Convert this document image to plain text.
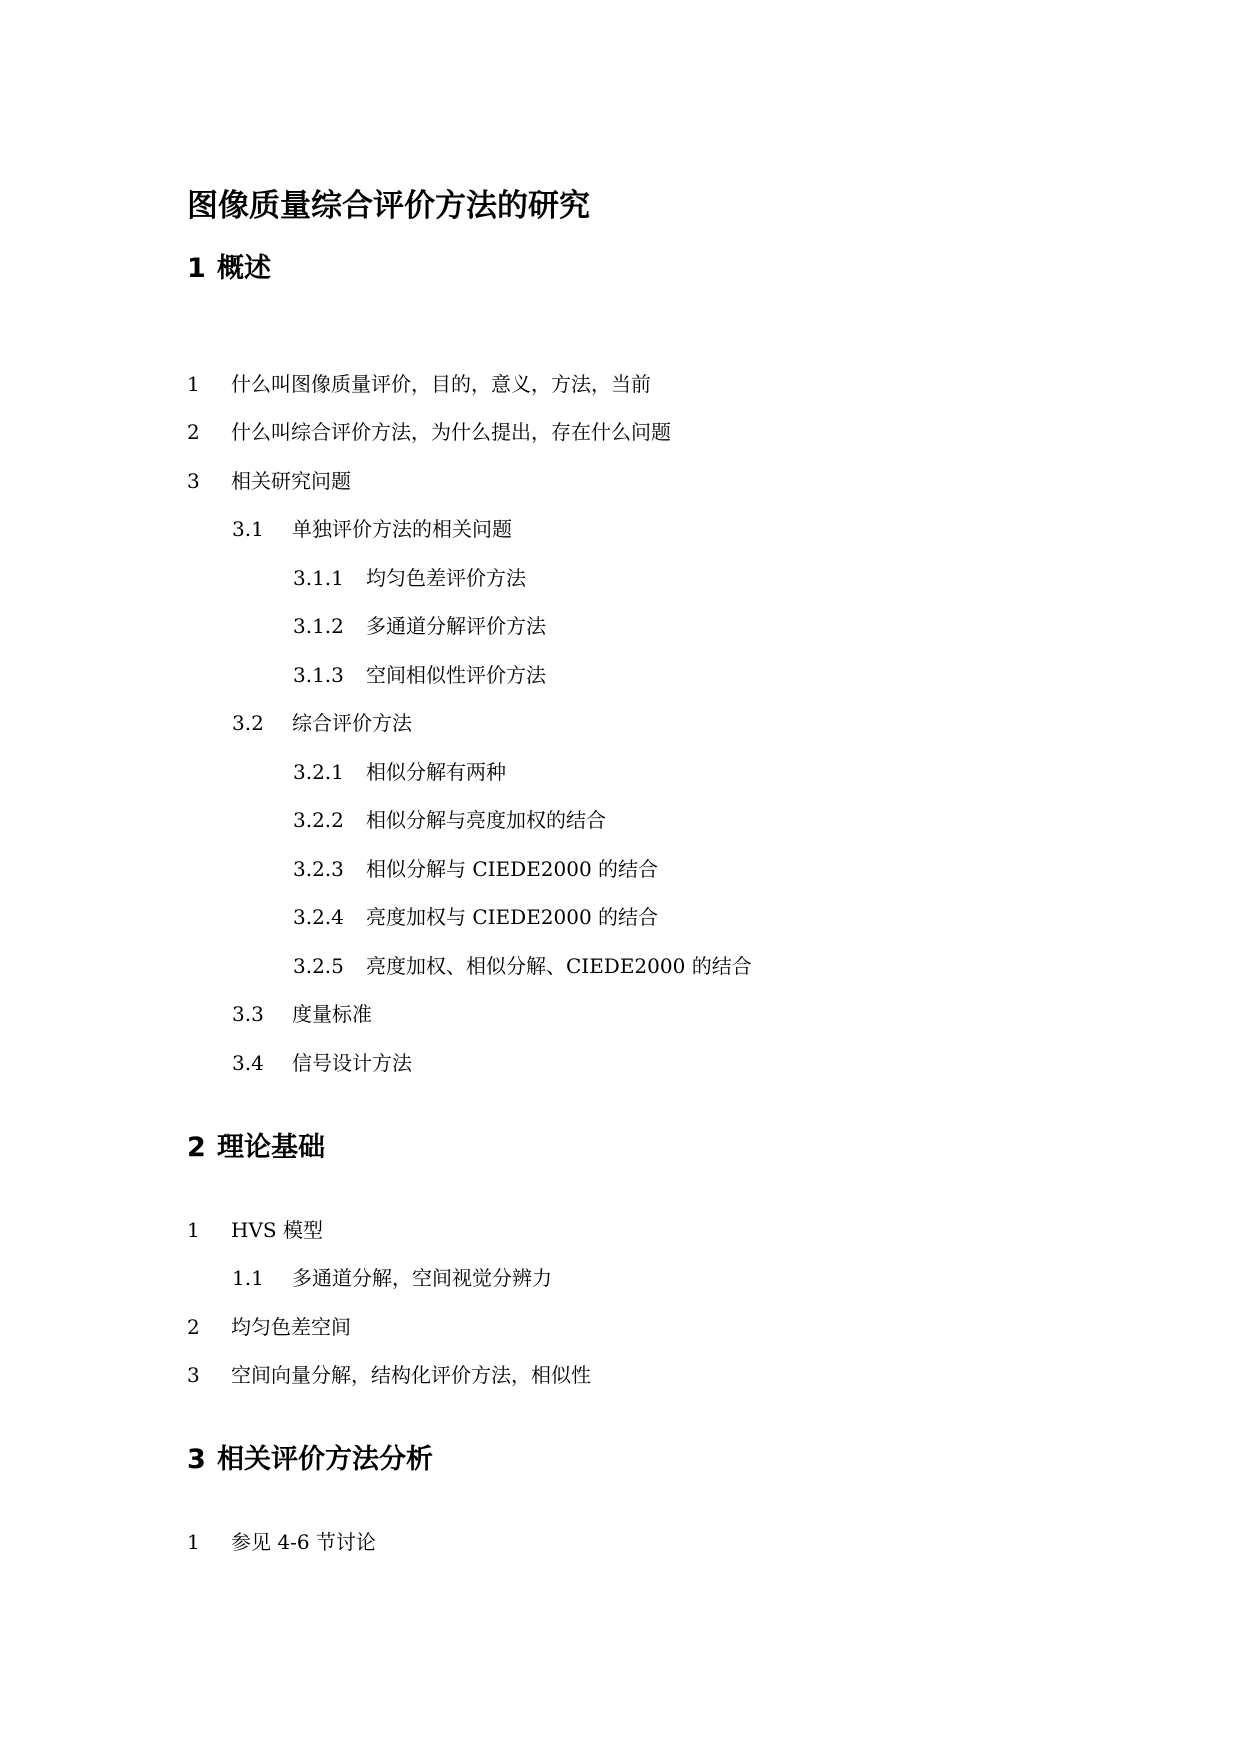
图像质量综合评价方法的研究
1 概述
1 什么叫图像质量评价，目的，意义，方法，当前
2 什么叫综合评价方法，为什么提出，存在什么问题
3 相关研究问题
3.1 单独评价方法的相关问题
3.1.1 均匀色差评价方法
3.1.2 多通道分解评价方法
3.1.3 空间相似性评价方法
3.2 综合评价方法
3.2.1 相似分解有两种
3.2.2 相似分解与亮度加权的结合
3.2.3 相似分解与 CIEDE2000 的结合
3.2.4 亮度加权与 CIEDE2000 的结合
3.2.5 亮度加权、相似分解、CIEDE2000 的结合
3.3 度量标准
3.4 信号设计方法
2 理论基础
1 HVS 模型
1.1 多通道分解，空间视觉分辨力
2 均匀色差空间
3 空间向量分解，结构化评价方法，相似性
3 相关评价方法分析
1 参见 4-6 节讨论
